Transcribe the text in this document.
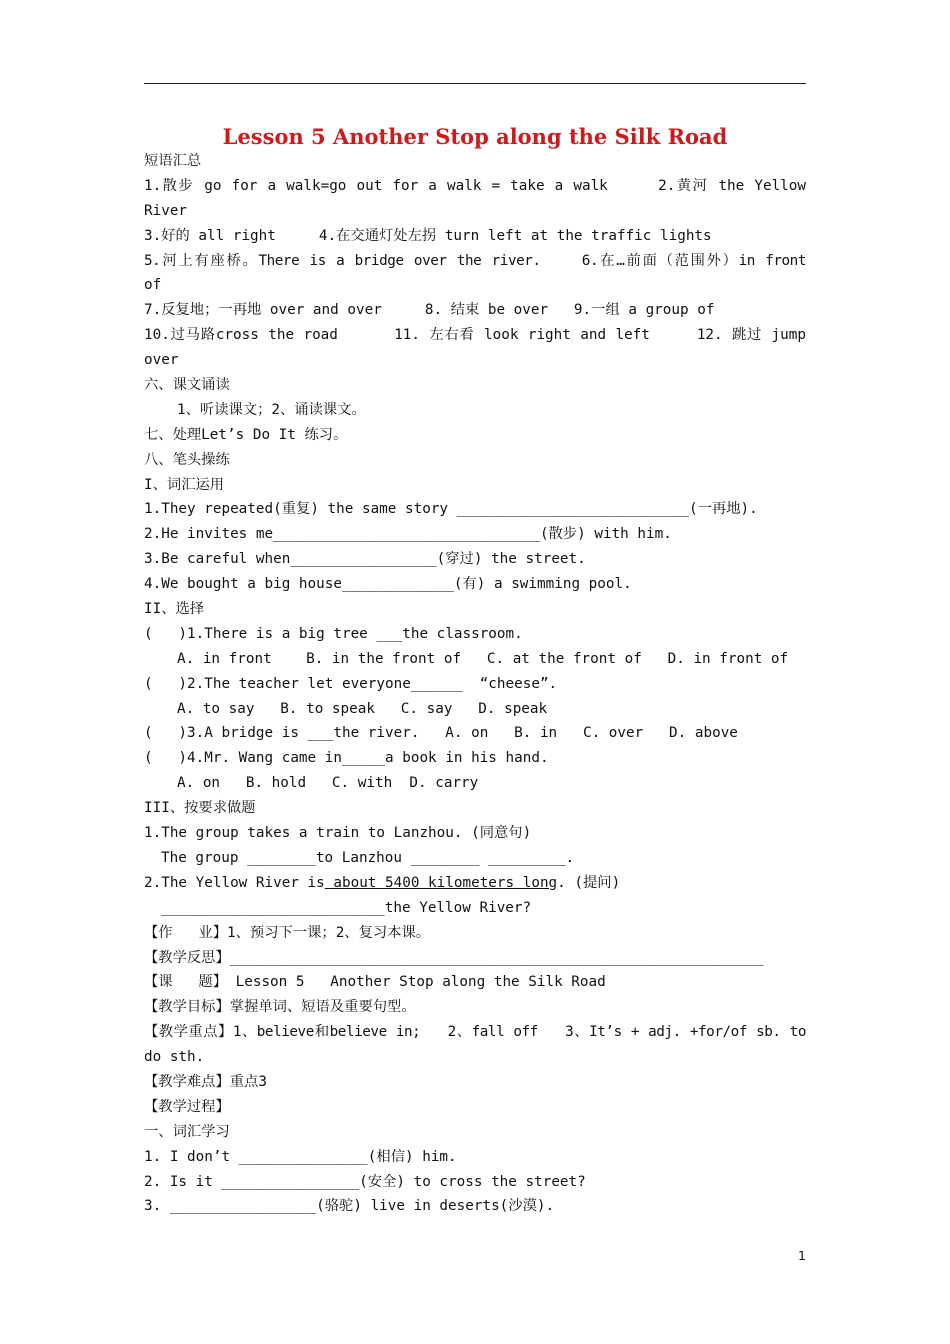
Lesson 5 Another Stop along the Silk Road
短语汇总
1.散步 go for a walk=go out for a walk = take a walk     2.黄河 the Yellow
River
3.好的 all right     4.在交通灯处左拐 turn left at the traffic lights
5.河上有座桥。There is a bridge over the river.    6.在…前面（范围外）in front
of
7.反复地；一再地 over and over     8. 结束 be over   9.一组 a group of
10.过马路cross the road      11. 左右看 look right and left     12. 跳过 jump
over
六、课文诵读
1、听读课文；2、诵读课文。
七、处理Let’s Do It 练习。
八、笔头操练
I、词汇运用
1.They repeated(重复) the same story ___________________________(一再地).
2.He invites me_______________________________(散步) with him.
3.Be careful when_________________(穿过) the street.
4.We bought a big house_____________(有) a swimming pool.
II、选择
(   )1.There is a big tree ___the classroom.
A. in front    B. in the front of   C. at the front of   D. in front of
(   )2.The teacher let everyone______  “cheese”.
A. to say   B. to speak   C. say   D. speak
(   )3.A bridge is ___the river.   A. on   B. in   C. over   D. above
(   )4.Mr. Wang came in_____a book in his hand.
A. on   B. hold   C. with  D. carry
III、按要求做题
1.The group takes a train to Lanzhou. (同意句)
The group ________to Lanzhou ________ _________.
2.The Yellow River is about 5400 kilometers long. (提问)
__________________________the Yellow River?
【作   业】1、预习下一课；2、复习本课。
【教学反思】______________________________________________________________
【课   题】 Lesson 5   Another Stop along the Silk Road
【教学目标】掌握单词、短语及重要句型。
【教学重点】1、believe和believe in;   2、fall off   3、It’s + adj. +for/of sb. to
do sth.
【教学难点】重点3
【教学过程】
一、词汇学习
1. I don’t _______________(相信) him.
2. Is it ________________(安全) to cross the street?
3. _________________(骆驼) live in deserts(沙漠).
1
